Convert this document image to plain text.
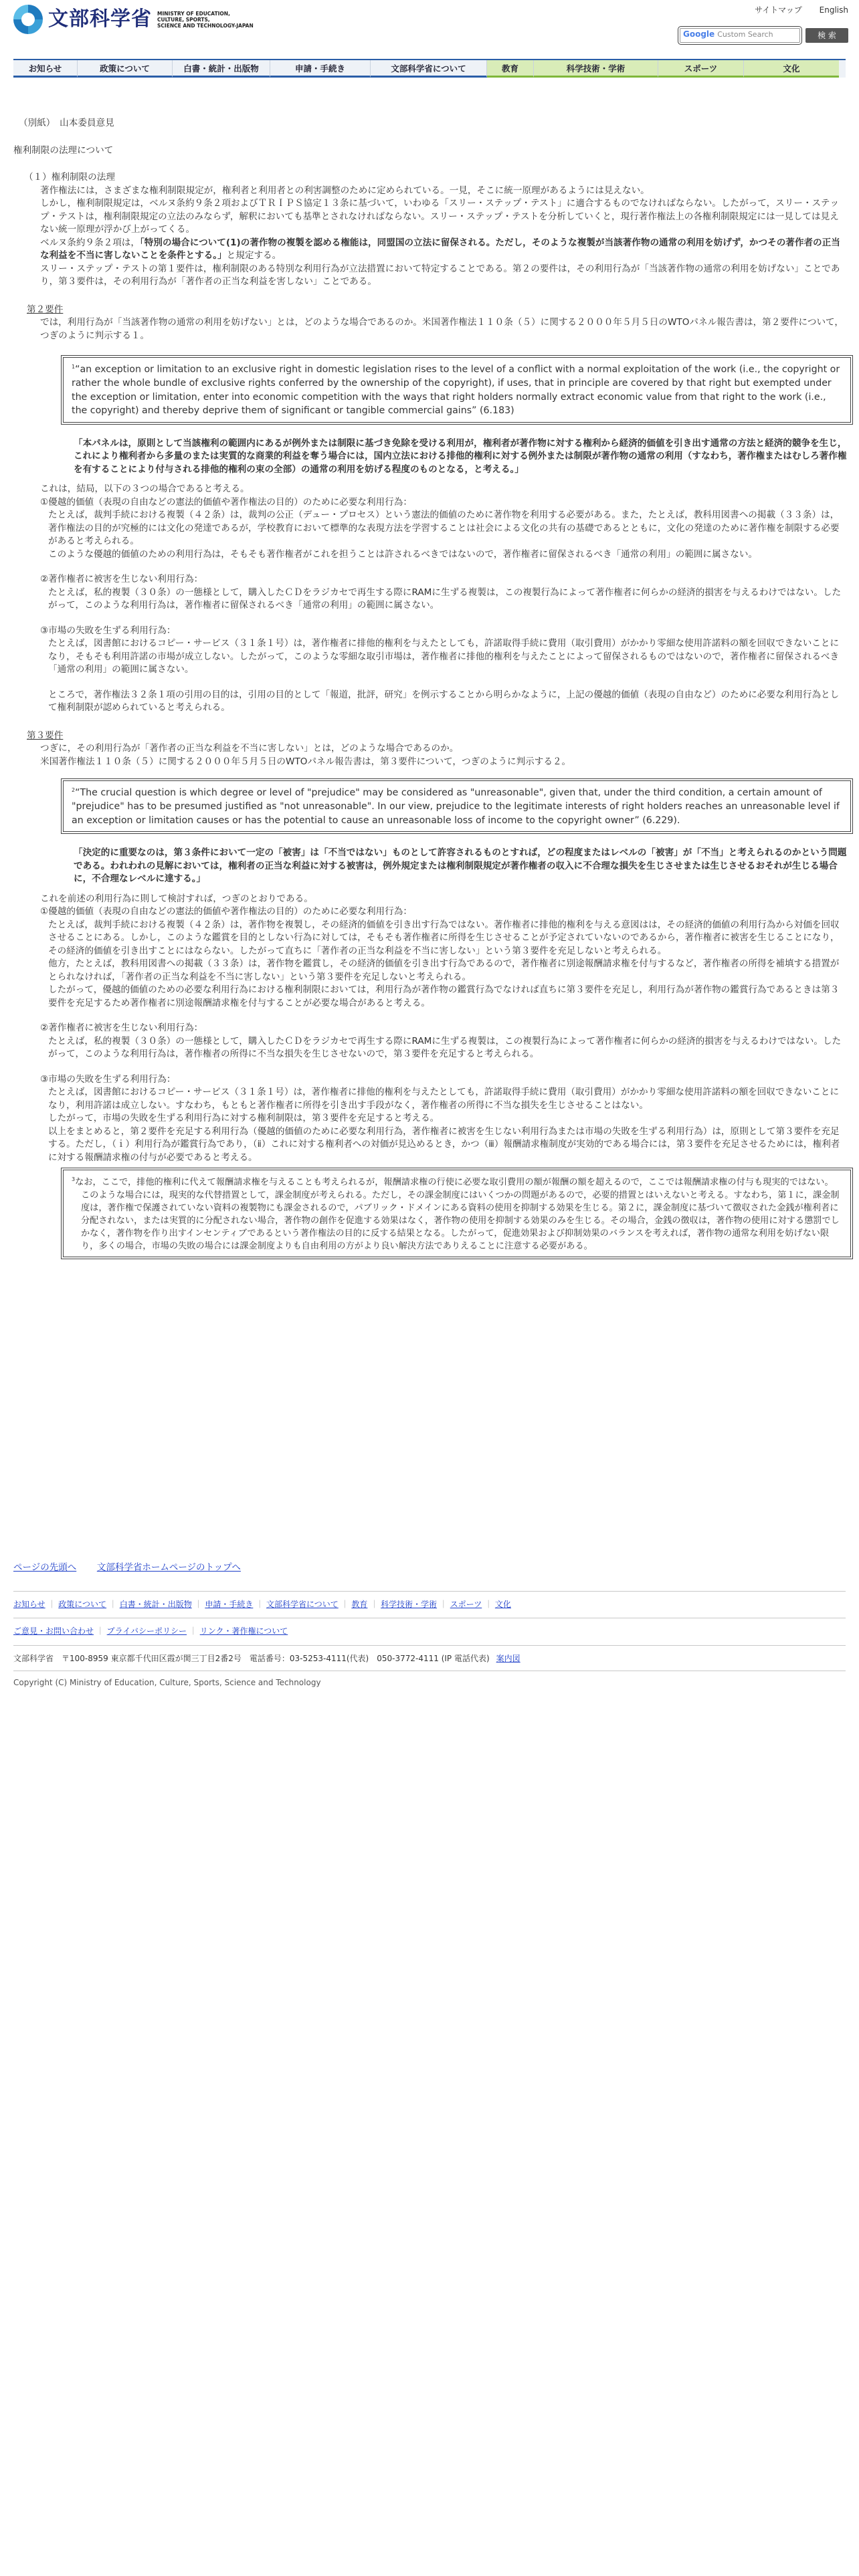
文部科学省 MINISTRY OF EDUCATION,
CULTURE, SPORTS,
SCIENCE AND TECHNOLOGY-JAPAN
サイトマップ English
Google Custom Search	検 索
お知らせ	政策について	白書・統計・出版物	申請・手続き	文部科学省について	教育	科学技術・学術	スポーツ	文化
（別紙）　山本委員意見
権利制限の法理について
（１）権利制限の法理
著作権法には，さまざまな権利制限規定が，権利者と利用者との利害調整のために定められている。一見，そこに統一原理があるようには見えない。
しかし，権利制限規定は，ベルヌ条約９条２項およびＴＲＩＰＳ協定１３条に基づいて，いわゆる「スリー・ステップ・テスト」に適合するものでなければならない。したがって，スリー・ステップ・テストは，権利制限規定の立法のみならず，解釈においても基準とされなければならない。スリー・ステップ・テストを分析していくと，現行著作権法上の各権利制限規定には一見しては見えない統一原理が浮かび上がってくる。
ベルヌ条約９条２項は，「特別の場合について(1)の著作物の複製を認める権能は，同盟国の立法に留保される。ただし，そのような複製が当該著作物の通常の利用を妨げず，かつその著作者の正当な利益を不当に害しないことを条件とする。」と規定する。
スリー・ステップ・テストの第１要件は，権利制限のある特別な利用行為が立法措置において特定することである。第２の要件は，その利用行為が「当該著作物の通常の利用を妨げない」ことであり，第３要件は，その利用行為が「著作者の正当な利益を害しない」ことである。
第２要件
では，利用行為が「当該著作物の通常の利用を妨げない」とは，どのような場合であるのか。米国著作権法１１０条（５）に関する２０００年５月５日のWTOパネル報告書は，第２要件について，つぎのように判示する１。
$^1$“an exception or limitation to an exclusive right in domestic legislation rises to the level of a conflict with a normal exploitation of the work (i.e., the copyright or rather the whole bundle of exclusive rights conferred by the ownership of the copyright), if uses, that in principle are covered by that right but exempted under the exception or limitation, enter into economic competition with the ways that right holders normally extract economic value from that right to the work (i.e., the copyright) and thereby deprive them of significant or tangible commercial gains” (6.183)
「本パネルは，原則として当該権利の範囲内にあるが例外または制限に基づき免除を受ける利用が，権利者が著作物に対する権利から経済的価値を引き出す通常の方法と経済的競争を生じ，これにより権利者から多量のまたは実質的な商業的利益を奪う場合には，国内立法における排他的権利に対する例外または制限が著作物の通常の利用（すなわち，著作権またはむしろ著作権を有することにより付与される排他的権利の束の全部）の通常の利用を妨げる程度のものとなる，と考える。」
これは，結局，以下の３つの場合であると考える。
①優越的価値（表現の自由などの憲法的価値や著作権法の目的）のために必要な利用行為：
たとえば，裁判手続における複製（４２条）は，裁判の公正（デュー・プロセス）という憲法的価値のために著作物を利用する必要がある。また，たとえば，教科用図書への掲載（３３条）は，著作権法の目的が究極的には文化の発達であるが，学校教育において標準的な表現方法を学習することは社会による文化の共有の基礎であるとともに，文化の発達のために著作権を制限する必要があると考えられる。
このような優越的価値のための利用行為は，そもそも著作権者がこれを担うことは許されるべきではないので，著作権者に留保されるべき「通常の利用」の範囲に属さない。
②著作権者に被害を生じない利用行為：
たとえば，私的複製（３０条）の一態様として，購入したＣＤをラジカセで再生する際にRAMに生ずる複製は，この複製行為によって著作権者に何らかの経済的損害を与えるわけではない。したがって，このような利用行為は，著作権者に留保されるべき「通常の利用」の範囲に属さない。
③市場の失敗を生ずる利用行為：
たとえば，図書館におけるコピー・サービス（３１条１号）は，著作権者に排他的権利を与えたとしても，許諾取得手続に費用（取引費用）がかかり零細な使用許諾料の額を回収できないことになり，そもそも利用許諾の市場が成立しない。したがって，このような零細な取引市場は，著作権者に排他的権利を与えたことによって留保されるものではないので，著作権者に留保されるべき「通常の利用」の範囲に属さない。
ところで，著作権法３２条１項の引用の目的は，引用の目的として「報道，批評，研究」を例示することから明らかなように，上記の優越的価値（表現の自由など）のために必要な利用行為として権利制限が認められていると考えられる。
第３要件
つぎに，その利用行為が「著作者の正当な利益を不当に害しない」とは，どのような場合であるのか。
米国著作権法１１０条（５）に関する２０００年５月５日のWTOパネル報告書は，第３要件について，つぎのように判示する２。
$^2$“The crucial question is which degree or level of "prejudice" may be considered as "unreasonable", given that, under the third condition, a certain amount of "prejudice" has to be presumed justified as "not unreasonable". In our view, prejudice to the legitimate interests of right holders reaches an unreasonable level if an exception or limitation causes or has the potential to cause an unreasonable loss of income to the copyright owner” (6.229).
「決定的に重要なのは，第３条件において一定の「被害」は「不当ではない」ものとして許容されるものとすれば，どの程度またはレベルの「被害」が「不当」と考えられるのかという問題である。われわれの見解においては，権利者の正当な利益に対する被害は，例外規定または権利制限規定が著作権者の収入に不合理な損失を生じさせまたは生じさせるおそれが生じる場合に，不合理なレベルに達する。」
これを前述の利用行為に則して検討すれば，つぎのとおりである。
①優越的価値（表現の自由などの憲法的価値や著作権法の目的）のために必要な利用行為：
たとえば，裁判手続における複製（４２条）は，著作物を複製し，その経済的価値を引き出す行為ではない。著作権者に排他的権利を与える意図はは，その経済的価値の利用行為から対価を回収させることにある。しかし，このような鑑賞を目的としない行為に対しては，そもそも著作権者に所得を生じさせることが予定されていないのであるから，著作権者に被害を生じることになり，その経済的価値を引き出すことにはならない。したがって直ちに「著作者の正当な利益を不当に害しない」という第３要件を充足しないと考えられる。
他方，たとえば，教科用図書への掲載（３３条）は，著作物を鑑賞し，その経済的価値を引き出す行為であるので，著作権者に別途報酬請求権を付与するなど，著作権者の所得を補填する措置がとられなければ，「著作者の正当な利益を不当に害しない」という第３要件を充足しないと考えられる。
したがって，優越的価値のための必要な利用行為における権利制限においては，利用行為が著作物の鑑賞行為でなければ直ちに第３要件を充足し，利用行為が著作物の鑑賞行為であるときは第３要件を充足するため著作権者に別途報酬請求権を付与することが必要な場合があると考える。
②著作権者に被害を生じない利用行為：
たとえば，私的複製（３０条）の一態様として，購入したＣＤをラジカセで再生する際にRAMに生ずる複製は，この複製行為によって著作権者に何らかの経済的損害を与えるわけではない。したがって，このような利用行為は，著作権者の所得に不当な損失を生じさせないので，第３要件を充足すると考えられる。
③市場の失敗を生ずる利用行為：
たとえば，図書館におけるコピー・サービス（３１条１号）は，著作権者に排他的権利を与えたとしても，許諾取得手続に費用（取引費用）がかかり零細な使用許諾料の額を回収できないことになり，利用許諾は成立しない。すなわち，もともと著作権者に所得を引き出す手段がなく，著作権者の所得に不当な損失を生じさせることはない。
したがって，市場の失敗を生ずる利用行為に対する権利制限は，第３要件を充足すると考える。
以上をまとめると，第２要件を充足する利用行為（優越的価値のために必要な利用行為，著作権者に被害を生じない利用行為または市場の失敗を生ずる利用行為）は，原則として第３要件を充足する。ただし，（ｉ）利用行為が鑑賞行為であり，（ⅱ）これに対する権利者への対価が見込めるとき，かつ（ⅲ）報酬請求権制度が実効的である場合には，第３要件を充足させるためには，権利者に対する報酬請求権の付与が必要であると考える。
$^3$なお，ここで，排他的権利に代えて報酬請求権を与えることも考えられるが，報酬請求権の行使に必要な取引費用の額が報酬の額を超えるので，ここでは報酬請求権の付与も現実的ではない。
このような場合には，現実的な代替措置として，課金制度が考えられる。ただし，その課金制度にはいくつかの問題があるので，必要的措置とはいえないと考える。すなわち，第１に，課金制度は，著作権で保護されていない資料の複製物にも課金されるので，パブリック・ドメインにある資料の使用を抑制する効果を生じる。第２に，課金制度に基づいて徴収された金銭が権利者に分配されない，または実質的に分配されない場合，著作物の創作を促進する効果はなく，著作物の使用を抑制する効果のみを生じる。その場合，金銭の徴収は，著作物の使用に対する懲罰でしかなく，著作物を作り出すインセンティブであるという著作権法の目的に反する結果となる。したがって，促進効果および抑制効果のバランスを考えれば，著作物の通常な利用を妨げない限り，多くの場合，市場の失敗の場合には課金制度よりも自由利用の方がより良い解決方法でありえることに注意する必要がある。
ページの先頭へ 文部科学省ホームページのトップへ
お知らせ ｜ 政策について ｜ 白書・統計・出版物 ｜ 申請・手続き ｜ 文部科学省について ｜ 教育 ｜ 科学技術・学術 ｜ スポーツ ｜ 文化
ご意見・お問い合わせ ｜ プライバシーポリシー ｜ リンク・著作権について
文部科学省　〒100-8959 東京都千代田区霞が関三丁目2番2号　電話番号：03-5253-4111(代表)　050-3772-4111 (IP 電話代表) 案内図
Copyright (C) Ministry of Education, Culture, Sports, Science and Technology
